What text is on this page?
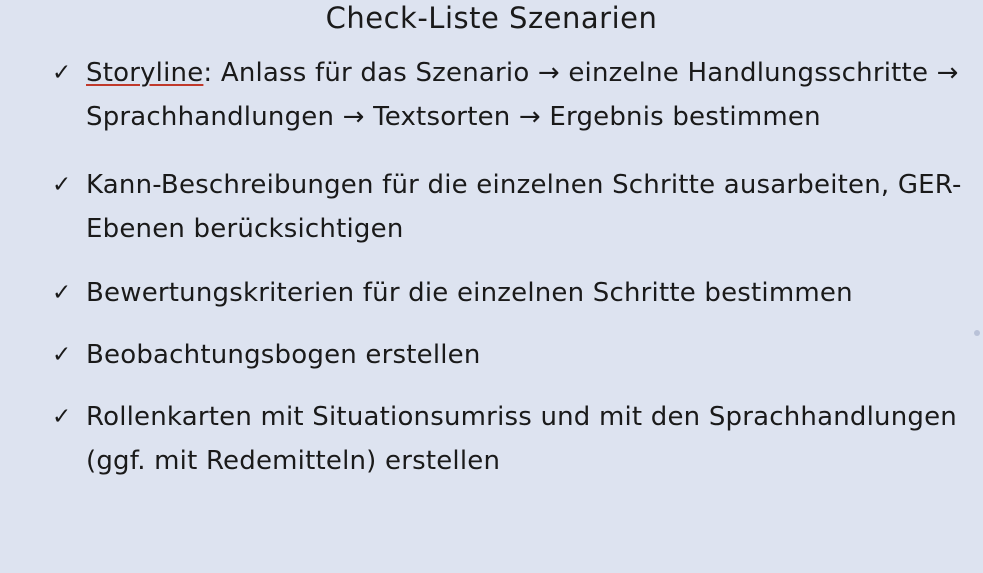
Check-Liste Szenarien
✓ Storyline: Anlass für das Szenario → einzelne Handlungsschritte → Sprachhandlungen → Textsorten → Ergebnis bestimmen
✓ Kann-Beschreibungen für die einzelnen Schritte ausarbeiten, GER-Ebenen berücksichtigen
✓ Bewertungskriterien für die einzelnen Schritte bestimmen
✓ Beobachtungsbogen erstellen
✓ Rollenkarten mit Situationsumriss und mit den Sprachhandlungen (ggf. mit Redemitteln) erstellen
